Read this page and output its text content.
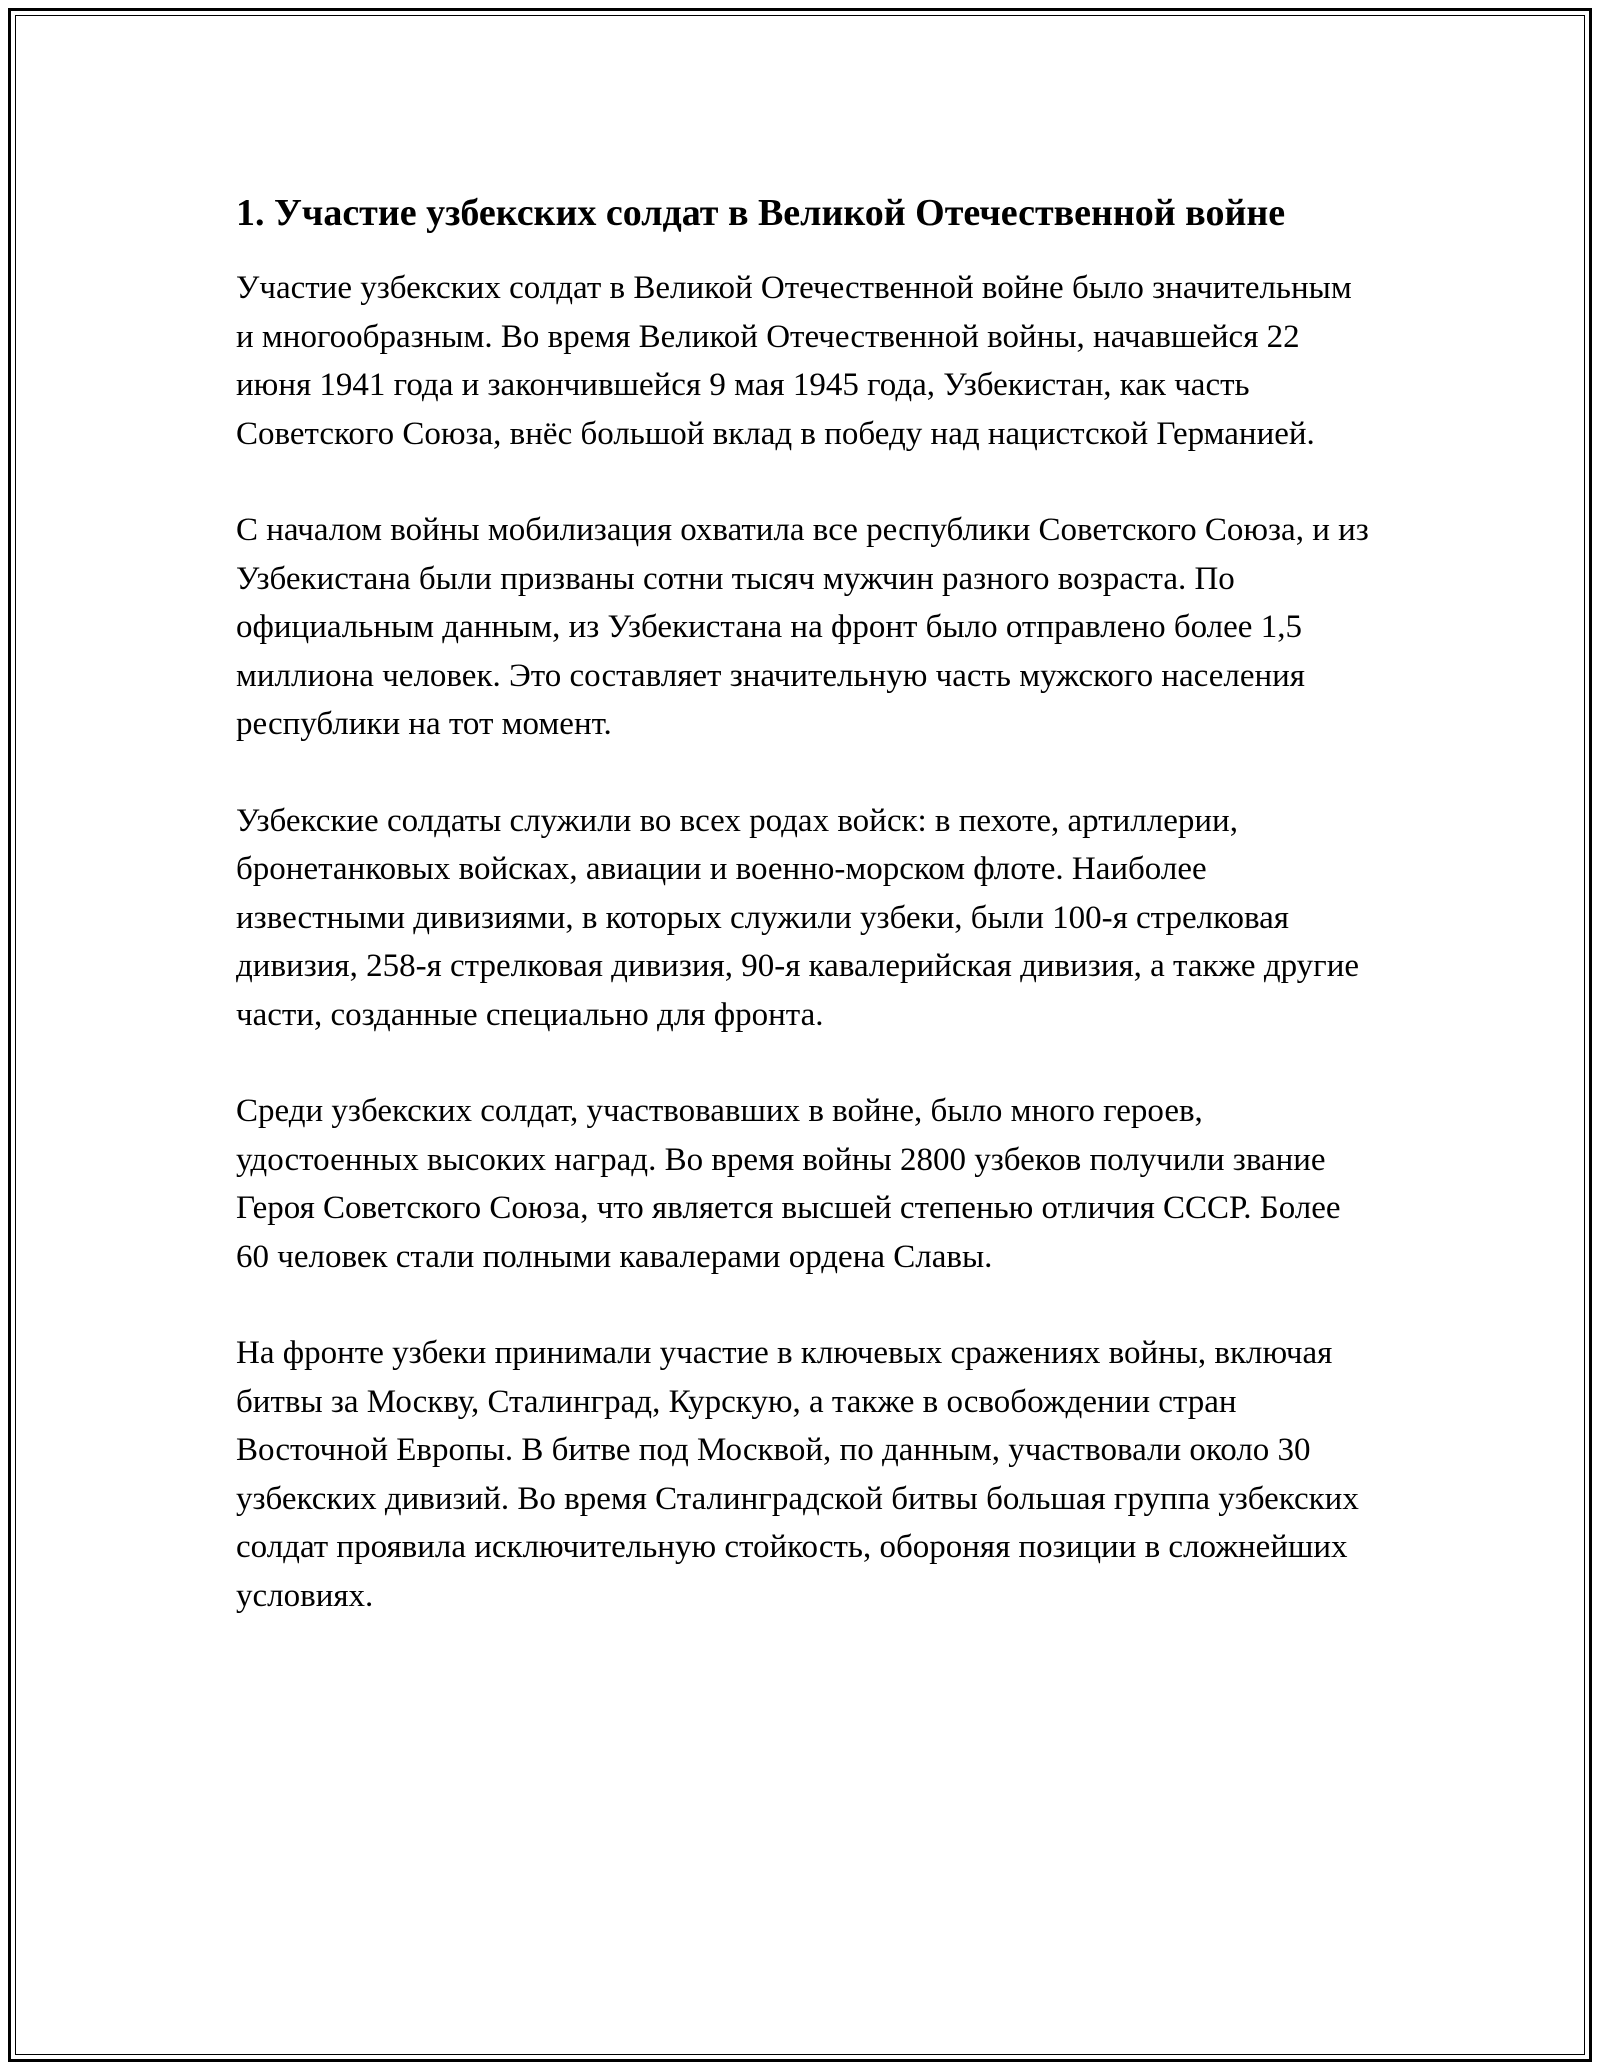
1. Участие узбекских солдат в Великой Отечественной войне

Участие узбекских солдат в Великой Отечественной войне было значительным и многообразным. Во время Великой Отечественной войны, начавшейся 22 июня 1941 года и закончившейся 9 мая 1945 года, Узбекистан, как часть Советского Союза, внёс большой вклад в победу над нацистской Германией.

С началом войны мобилизация охватила все республики Советского Союза, и из Узбекистана были призваны сотни тысяч мужчин разного возраста. По официальным данным, из Узбекистана на фронт было отправлено более 1,5 миллиона человек. Это составляет значительную часть мужского населения республики на тот момент.

Узбекские солдаты служили во всех родах войск: в пехоте, артиллерии, бронетанковых войсках, авиации и военно-морском флоте. Наиболее известными дивизиями, в которых служили узбеки, были 100-я стрелковая дивизия, 258-я стрелковая дивизия, 90-я кавалерийская дивизия, а также другие части, созданные специально для фронта.

Среди узбекских солдат, участвовавших в войне, было много героев, удостоенных высоких наград. Во время войны 2800 узбеков получили звание Героя Советского Союза, что является высшей степенью отличия СССР. Более 60 человек стали полными кавалерами ордена Славы.

На фронте узбеки принимали участие в ключевых сражениях войны, включая битвы за Москву, Сталинград, Курскую, а также в освобождении стран Восточной Европы. В битве под Москвой, по данным, участвовали около 30 узбекских дивизий. Во время Сталинградской битвы большая группа узбекских солдат проявила исключительную стойкость, обороняя позиции в сложнейших условиях.
